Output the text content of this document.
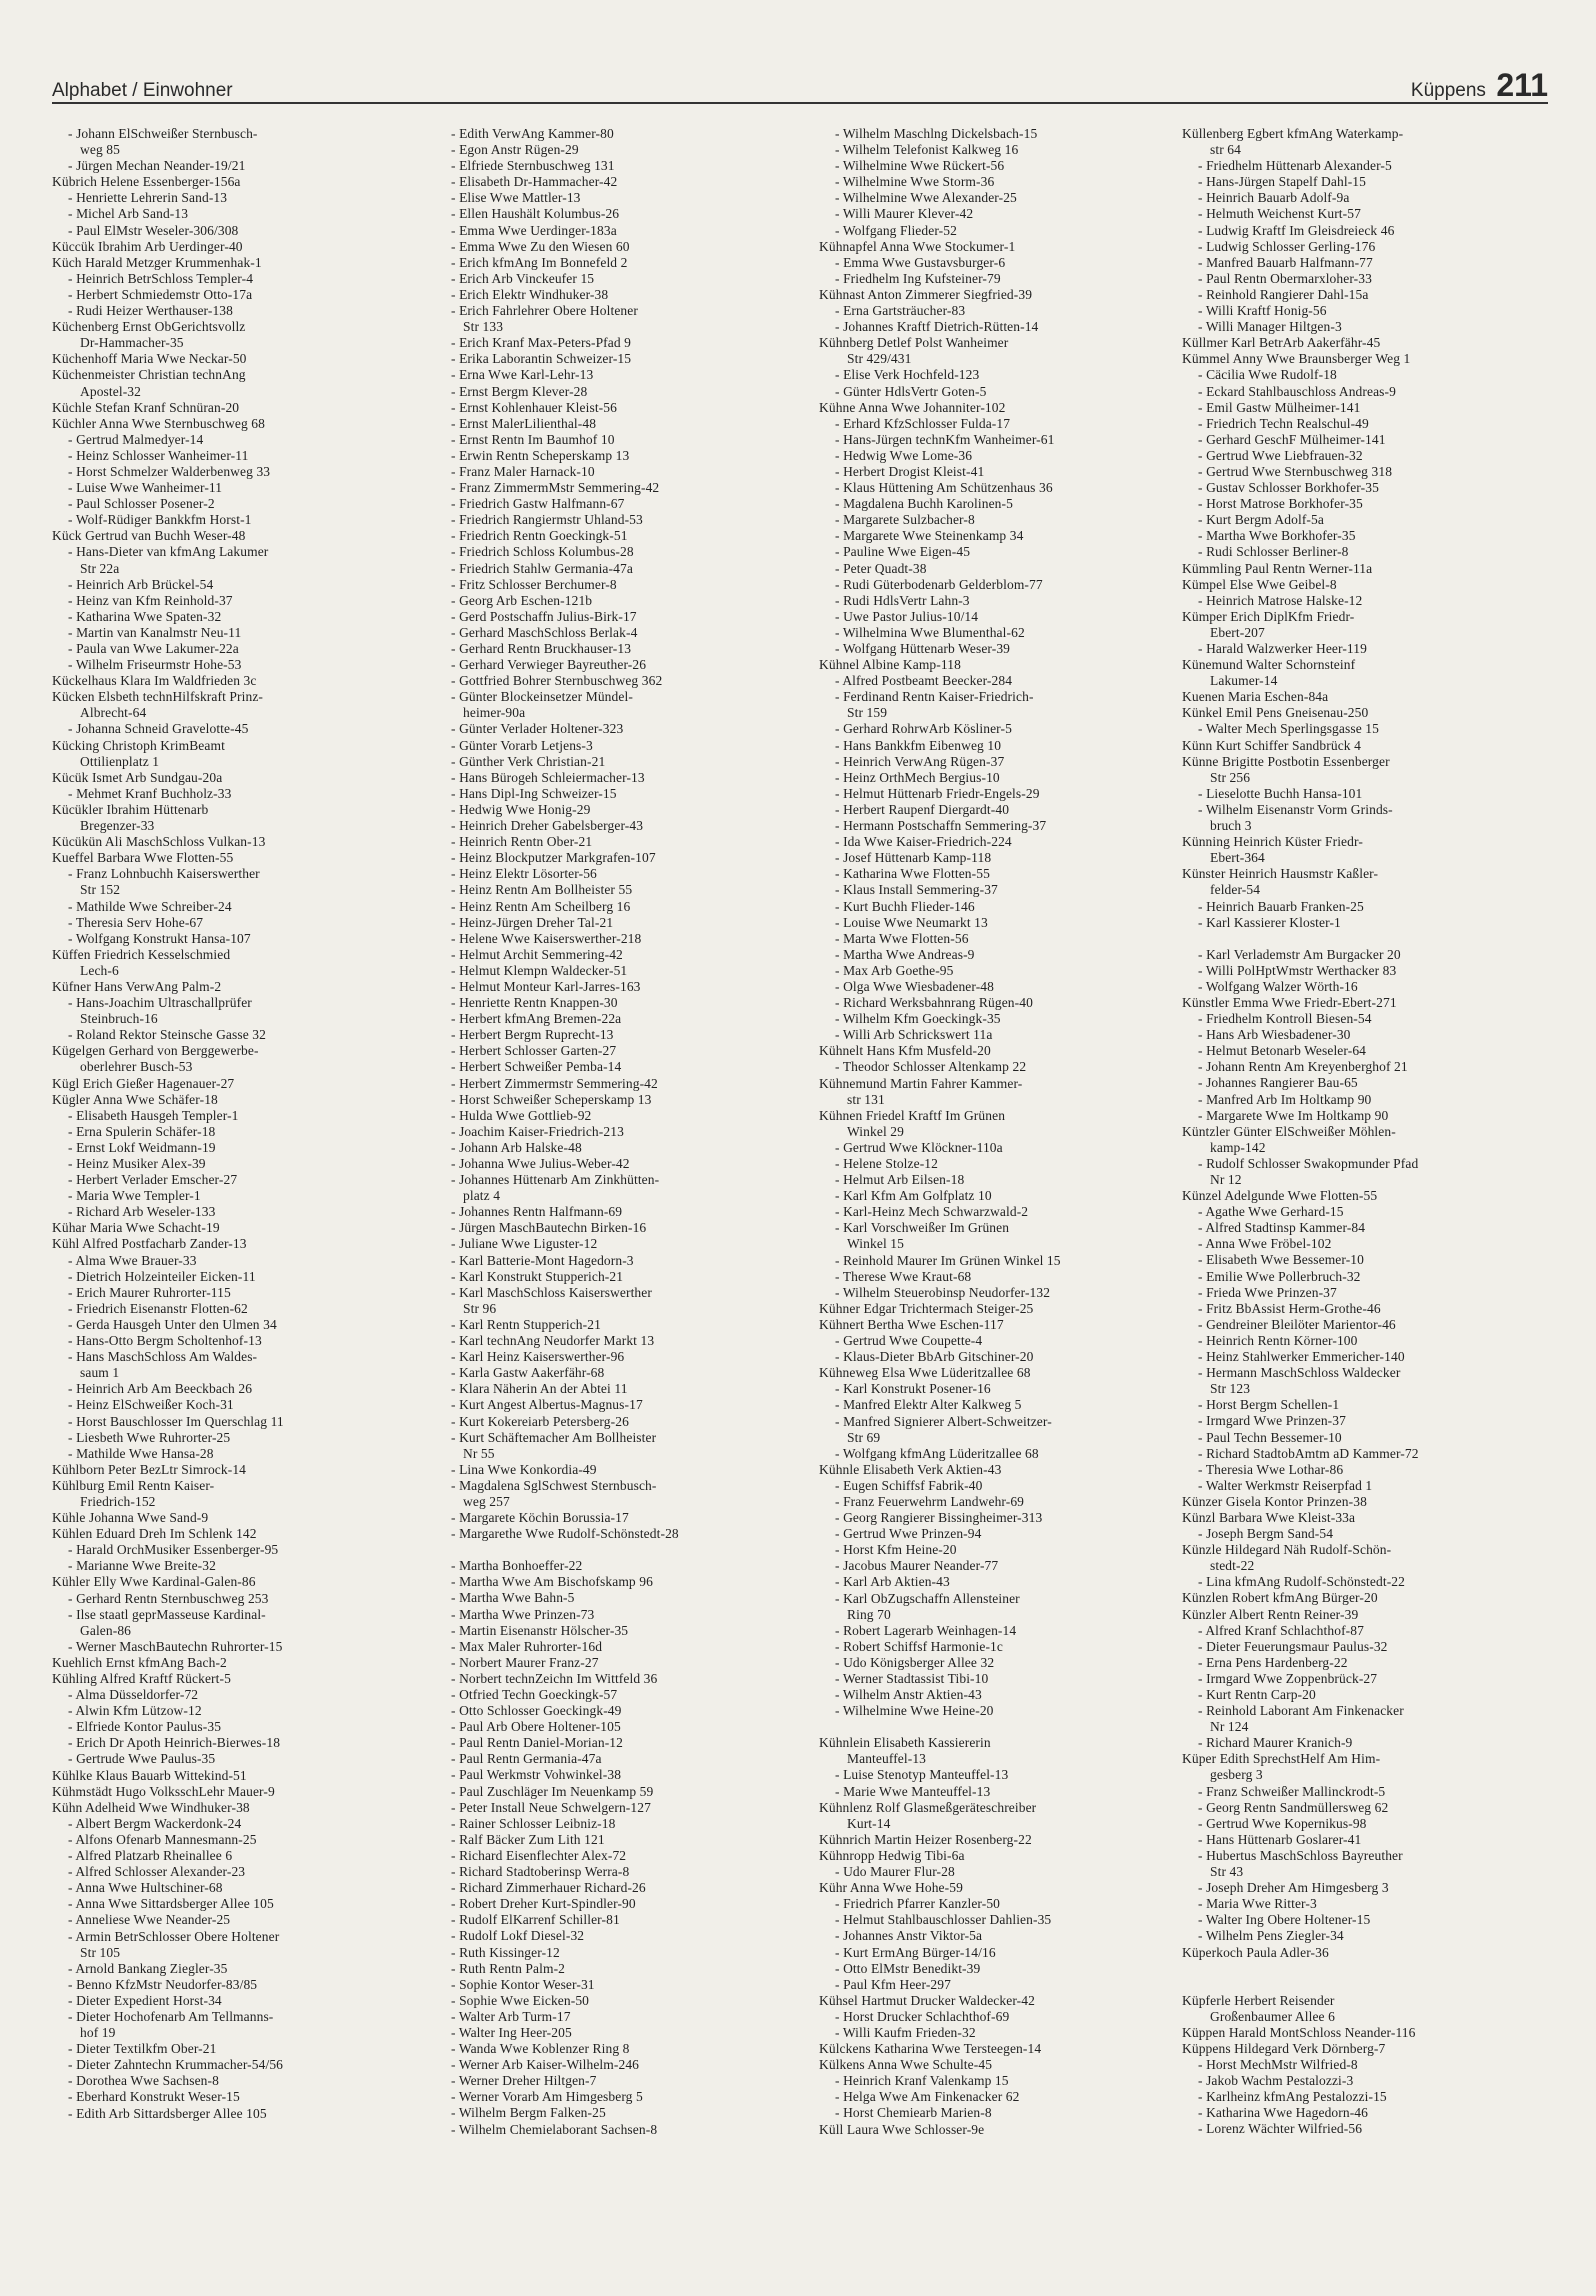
Alphabet / Einwohner	Küppens 211
- Johann ElSchweißer Sternbusch-
weg 85
- Jürgen Mechan Neander-19/21
Kübrich Helene Essenberger-156a
- Henriette Lehrerin Sand-13
- Michel Arb Sand-13
- Paul ElMstr Weseler-306/308
Küccük Ibrahim Arb Uerdinger-40
Küch Harald Metzger Krummenhak-1
- Heinrich BetrSchloss Templer-4
- Herbert Schmiedemstr Otto-17a
- Rudi Heizer Werthauser-138
Küchenberg Ernst ObGerichtsvollz
Dr-Hammacher-35
Küchenhoff Maria Wwe Neckar-50
Küchenmeister Christian technAng
Apostel-32
Küchle Stefan Kranf Schnüran-20
Küchler Anna Wwe Sternbuschweg 68
- Gertrud Malmedyer-14
- Heinz Schlosser Wanheimer-11
- Horst Schmelzer Walderbenweg 33
- Luise Wwe Wanheimer-11
- Paul Schlosser Posener-2
- Wolf-Rüdiger Bankkfm Horst-1
Kück Gertrud van Buchh Weser-48
- Hans-Dieter van kfmAng Lakumer
Str 22a
- Heinrich Arb Brückel-54
- Heinz van Kfm Reinhold-37
- Katharina Wwe Spaten-32
- Martin van Kanalmstr Neu-11
- Paula van Wwe Lakumer-22a
- Wilhelm Friseurmstr Hohe-53
Kückelhaus Klara Im Waldfrieden 3c
Kücken Elsbeth technHilfskraft Prinz-
Albrecht-64
- Johanna Schneid Gravelotte-45
Kücking Christoph KrimBeamt
Ottilienplatz 1
Kücük Ismet Arb Sundgau-20a
- Mehmet Kranf Buchholz-33
Kücükler Ibrahim Hüttenarb
Bregenzer-33
Kücükün Ali MaschSchloss Vulkan-13
Kueffel Barbara Wwe Flotten-55
- Franz Lohnbuchh Kaiserswerther
Str 152
- Mathilde Wwe Schreiber-24
- Theresia Serv Hohe-67
- Wolfgang Konstrukt Hansa-107
Küffen Friedrich Kesselschmied
Lech-6
Küfner Hans VerwAng Palm-2
- Hans-Joachim Ultraschallprüfer
Steinbruch-16
- Roland Rektor Steinsche Gasse 32
Kügelgen Gerhard von Berggewerbe-
oberlehrer Busch-53
Kügl Erich Gießer Hagenauer-27
Kügler Anna Wwe Schäfer-18
- Elisabeth Hausgeh Templer-1
- Erna Spulerin Schäfer-18
- Ernst Lokf Weidmann-19
- Heinz Musiker Alex-39
- Herbert Verlader Emscher-27
- Maria Wwe Templer-1
- Richard Arb Weseler-133
Kühar Maria Wwe Schacht-19
Kühl Alfred Postfacharb Zander-13
- Alma Wwe Brauer-33
- Dietrich Holzeinteiler Eicken-11
- Erich Maurer Ruhrorter-115
- Friedrich Eisenanstr Flotten-62
- Gerda Hausgeh Unter den Ulmen 34
- Hans-Otto Bergm Scholtenhof-13
- Hans MaschSchloss Am Waldes-
saum 1
- Heinrich Arb Am Beeckbach 26
- Heinz ElSchweißer Koch-31
- Horst Bauschlosser Im Querschlag 11
- Liesbeth Wwe Ruhrorter-25
- Mathilde Wwe Hansa-28
Kühlborn Peter BezLtr Simrock-14
Kühlburg Emil Rentn Kaiser-
Friedrich-152
Kühle Johanna Wwe Sand-9
Kühlen Eduard Dreh Im Schlenk 142
- Harald OrchMusiker Essenberger-95
- Marianne Wwe Breite-32
Kühler Elly Wwe Kardinal-Galen-86
- Gerhard Rentn Sternbuschweg 253
- Ilse staatl geprMasseuse Kardinal-
Galen-86
- Werner MaschBautechn Ruhrorter-15
Kuehlich Ernst kfmAng Bach-2
Kühling Alfred Kraftf Rückert-5
- Alma Düsseldorfer-72
- Alwin Kfm Lützow-12
- Elfriede Kontor Paulus-35
- Erich Dr Apoth Heinrich-Bierwes-18
- Gertrude Wwe Paulus-35
Kühlke Klaus Bauarb Wittekind-51
Kühmstädt Hugo VolksschLehr Mauer-9
Kühn Adelheid Wwe Windhuker-38
- Albert Bergm Wackerdonk-24
- Alfons Ofenarb Mannesmann-25
- Alfred Platzarb Rheinallee 6
- Alfred Schlosser Alexander-23
- Anna Wwe Hultschiner-68
- Anna Wwe Sittardsberger Allee 105
- Anneliese Wwe Neander-25
- Armin BetrSchlosser Obere Holtener
Str 105
- Arnold Bankang Ziegler-35
- Benno KfzMstr Neudorfer-83/85
- Dieter Expedient Horst-34
- Dieter Hochofenarb Am Tellmanns-
hof 19
- Dieter Textilkfm Ober-21
- Dieter Zahntechn Krummacher-54/56
- Dorothea Wwe Sachsen-8
- Eberhard Konstrukt Weser-15
- Edith Arb Sittardsberger Allee 105
- Edith VerwAng Kammer-80
- Egon Anstr Rügen-29
- Elfriede Sternbuschweg 131
- Elisabeth Dr-Hammacher-42
- Elise Wwe Mattler-13
- Ellen Haushält Kolumbus-26
- Emma Wwe Uerdinger-183a
- Emma Wwe Zu den Wiesen 60
- Erich kfmAng Im Bonnefeld 2
- Erich Arb Vinckeufer 15
- Erich Elektr Windhuker-38
- Erich Fahrlehrer Obere Holtener
Str 133
- Erich Kranf Max-Peters-Pfad 9
- Erika Laborantin Schweizer-15
- Erna Wwe Karl-Lehr-13
- Ernst Bergm Klever-28
- Ernst Kohlenhauer Kleist-56
- Ernst MalerLilienthal-48
- Ernst Rentn Im Baumhof 10
- Erwin Rentn Scheperskamp 13
- Franz Maler Harnack-10
- Franz ZimmermMstr Semmering-42
- Friedrich Gastw Halfmann-67
- Friedrich Rangiermstr Uhland-53
- Friedrich Rentn Goeckingk-51
- Friedrich Schloss Kolumbus-28
- Friedrich Stahlw Germania-47a
- Fritz Schlosser Berchumer-8
- Georg Arb Eschen-121b
- Gerd Postschaffn Julius-Birk-17
- Gerhard MaschSchloss Berlak-4
- Gerhard Rentn Bruckhauser-13
- Gerhard Verwieger Bayreuther-26
- Gottfried Bohrer Sternbuschweg 362
- Günter Blockeinsetzer Mündel-
heimer-90a
- Günter Verlader Holtener-323
- Günter Vorarb Letjens-3
- Günther Verk Christian-21
- Hans Bürogeh Schleiermacher-13
- Hans Dipl-Ing Schweizer-15
- Hedwig Wwe Honig-29
- Heinrich Dreher Gabelsberger-43
- Heinrich Rentn Ober-21
- Heinz Blockputzer Markgrafen-107
- Heinz Elektr Lösorter-56
- Heinz Rentn Am Bollheister 55
- Heinz Rentn Am Scheilberg 16
- Heinz-Jürgen Dreher Tal-21
- Helene Wwe Kaiserswerther-218
- Helmut Archit Semmering-42
- Helmut Klempn Waldecker-51
- Helmut Monteur Karl-Jarres-163
- Henriette Rentn Knappen-30
- Herbert kfmAng Bremen-22a
- Herbert Bergm Ruprecht-13
- Herbert Schlosser Garten-27
- Herbert Schweißer Pemba-14
- Herbert Zimmermstr Semmering-42
- Horst Schweißer Scheperskamp 13
- Hulda Wwe Gottlieb-92
- Joachim Kaiser-Friedrich-213
- Johann Arb Halske-48
- Johanna Wwe Julius-Weber-42
- Johannes Hüttenarb Am Zinkhütten-
platz 4
- Johannes Rentn Halfmann-69
- Jürgen MaschBautechn Birken-16
- Juliane Wwe Liguster-12
- Karl Batterie-Mont Hagedorn-3
- Karl Konstrukt Stupperich-21
- Karl MaschSchloss Kaiserswerther
Str 96
- Karl Rentn Stupperich-21
- Karl technAng Neudorfer Markt 13
- Karl Heinz Kaiserswerther-96
- Karla Gastw Aakerfähr-68
- Klara Näherin An der Abtei 11
- Kurt Angest Albertus-Magnus-17
- Kurt Kokereiarb Petersberg-26
- Kurt Schäftemacher Am Bollheister
Nr 55
- Lina Wwe Konkordia-49
- Magdalena SglSchwest Sternbusch-
weg 257
- Margarete Köchin Borussia-17
- Margarethe Wwe Rudolf-Schönstedt-28
- Martha Bonhoeffer-22
- Martha Wwe Am Bischofskamp 96
- Martha Wwe Bahn-5
- Martha Wwe Prinzen-73
- Martin Eisenanstr Hölscher-35
- Max Maler Ruhrorter-16d
- Norbert Maurer Franz-27
- Norbert technZeichn Im Wittfeld 36
- Otfried Techn Goeckingk-57
- Otto Schlosser Goeckingk-49
- Paul Arb Obere Holtener-105
- Paul Rentn Daniel-Morian-12
- Paul Rentn Germania-47a
- Paul Werkmstr Vohwinkel-38
- Paul Zuschläger Im Neuenkamp 59
- Peter Install Neue Schwelgern-127
- Rainer Schlosser Leibniz-18
- Ralf Bäcker Zum Lith 121
- Richard Eisenflechter Alex-72
- Richard Stadtoberinsp Werra-8
- Richard Zimmerhauer Richard-26
- Robert Dreher Kurt-Spindler-90
- Rudolf ElKarrenf Schiller-81
- Rudolf Lokf Diesel-32
- Ruth Kissinger-12
- Ruth Rentn Palm-2
- Sophie Kontor Weser-31
- Sophie Wwe Eicken-50
- Walter Arb Turm-17
- Walter Ing Heer-205
- Wanda Wwe Koblenzer Ring 8
- Werner Arb Kaiser-Wilhelm-246
- Werner Dreher Hiltgen-7
- Werner Vorarb Am Himgesberg 5
- Wilhelm Bergm Falken-25
- Wilhelm Chemielaborant Sachsen-8
- Wilhelm Maschlng Dickelsbach-15
- Wilhelm Telefonist Kalkweg 16
- Wilhelmine Wwe Rückert-56
- Wilhelmine Wwe Storm-36
- Wilhelmine Wwe Alexander-25
- Willi Maurer Klever-42
- Wolfgang Flieder-52
Kühnapfel Anna Wwe Stockumer-1
- Emma Wwe Gustavsburger-6
- Friedhelm Ing Kufsteiner-79
Kühnast Anton Zimmerer Siegfried-39
- Erna Gartsträucher-83
- Johannes Kraftf Dietrich-Rütten-14
Kühnberg Detlef Polst Wanheimer
Str 429/431
- Elise Verk Hochfeld-123
- Günter HdlsVertr Goten-5
Kühne Anna Wwe Johanniter-102
- Erhard KfzSchlosser Fulda-17
- Hans-Jürgen technKfm Wanheimer-61
- Hedwig Wwe Lome-36
- Herbert Drogist Kleist-41
- Klaus Hüttening Am Schützenhaus 36
- Magdalena Buchh Karolinen-5
- Margarete Sulzbacher-8
- Margarete Wwe Steinenkamp 34
- Pauline Wwe Eigen-45
- Peter Quadt-38
- Rudi Güterbodenarb Gelderblom-77
- Rudi HdlsVertr Lahn-3
- Uwe Pastor Julius-10/14
- Wilhelmina Wwe Blumenthal-62
- Wolfgang Hüttenarb Weser-39
Kühnel Albine Kamp-118
- Alfred Postbeamt Beecker-284
- Ferdinand Rentn Kaiser-Friedrich-
Str 159
- Gerhard RohrwArb Kösliner-5
- Hans Bankkfm Eibenweg 10
- Heinrich VerwAng Rügen-37
- Heinz OrthMech Bergius-10
- Helmut Hüttenarb Friedr-Engels-29
- Herbert Raupenf Diergardt-40
- Hermann Postschaffn Semmering-37
- Ida Wwe Kaiser-Friedrich-224
- Josef Hüttenarb Kamp-118
- Katharina Wwe Flotten-55
- Klaus Install Semmering-37
- Kurt Buchh Flieder-146
- Louise Wwe Neumarkt 13
- Marta Wwe Flotten-56
- Martha Wwe Andreas-9
- Max Arb Goethe-95
- Olga Wwe Wiesbadener-48
- Richard Werksbahnrang Rügen-40
- Wilhelm Kfm Goeckingk-35
- Willi Arb Schrickswert 11a
Kühnelt Hans Kfm Musfeld-20
- Theodor Schlosser Altenkamp 22
Kühnemund Martin Fahrer Kammer-
str 131
Kühnen Friedel Kraftf Im Grünen
Winkel 29
- Gertrud Wwe Klöckner-110a
- Helene Stolze-12
- Helmut Arb Eilsen-18
- Karl Kfm Am Golfplatz 10
- Karl-Heinz Mech Schwarzwald-2
- Karl Vorschweißer Im Grünen
Winkel 15
- Reinhold Maurer Im Grünen Winkel 15
- Therese Wwe Kraut-68
- Wilhelm Steuerobinsp Neudorfer-132
Kühner Edgar Trichtermach Steiger-25
Kühnert Bertha Wwe Eschen-117
- Gertrud Wwe Coupette-4
- Klaus-Dieter BbArb Gitschiner-20
Kühneweg Elsa Wwe Lüderitzallee 68
- Karl Konstrukt Posener-16
- Manfred Elektr Alter Kalkweg 5
- Manfred Signierer Albert-Schweitzer-
Str 69
- Wolfgang kfmAng Lüderitzallee 68
Kühnle Elisabeth Verk Aktien-43
- Eugen Schiffsf Fabrik-40
- Franz Feuerwehrm Landwehr-69
- Georg Rangierer Bissingheimer-313
- Gertrud Wwe Prinzen-94
- Horst Kfm Heine-20
- Jacobus Maurer Neander-77
- Karl Arb Aktien-43
- Karl ObZugschaffn Allensteiner
Ring 70
- Robert Lagerarb Weinhagen-14
- Robert Schiffsf Harmonie-1c
- Udo Königsberger Allee 32
- Werner Stadtassist Tibi-10
- Wilhelm Anstr Aktien-43
- Wilhelmine Wwe Heine-20
Kühnlein Elisabeth Kassiererin
Manteuffel-13
- Luise Stenotyp Manteuffel-13
- Marie Wwe Manteuffel-13
Kühnlenz Rolf Glasmeßgeräteschreiber
Kurt-14
Kühnrich Martin Heizer Rosenberg-22
Kühnropp Hedwig Tibi-6a
- Udo Maurer Flur-28
Kühr Anna Wwe Hohe-59
- Friedrich Pfarrer Kanzler-50
- Helmut Stahlbauschlosser Dahlien-35
- Johannes Anstr Viktor-5a
- Kurt ErmAng Bürger-14/16
- Otto ElMstr Benedikt-39
- Paul Kfm Heer-297
Kühsel Hartmut Drucker Waldecker-42
- Horst Drucker Schlachthof-69
- Willi Kaufm Frieden-32
Külckens Katharina Wwe Tersteegen-14
Külkens Anna Wwe Schulte-45
- Heinrich Kranf Valenkamp 15
- Helga Wwe Am Finkenacker 62
- Horst Chemiearb Marien-8
Küll Laura Wwe Schlosser-9e
Küllenberg Egbert kfmAng Waterkamp-
str 64
- Friedhelm Hüttenarb Alexander-5
- Hans-Jürgen Stapelf Dahl-15
- Heinrich Bauarb Adolf-9a
- Helmuth Weichenst Kurt-57
- Ludwig Kraftf Im Gleisdreieck 46
- Ludwig Schlosser Gerling-176
- Manfred Bauarb Halfmann-77
- Paul Rentn Obermarxloher-33
- Reinhold Rangierer Dahl-15a
- Willi Kraftf Honig-56
- Willi Manager Hiltgen-3
Küllmer Karl BetrArb Aakerfähr-45
Kümmel Anny Wwe Braunsberger Weg 1
- Cäcilia Wwe Rudolf-18
- Eckard Stahlbauschloss Andreas-9
- Emil Gastw Mülheimer-141
- Friedrich Techn Realschul-49
- Gerhard GeschF Mülheimer-141
- Gertrud Wwe Liebfrauen-32
- Gertrud Wwe Sternbuschweg 318
- Gustav Schlosser Borkhofer-35
- Horst Matrose Borkhofer-35
- Kurt Bergm Adolf-5a
- Martha Wwe Borkhofer-35
- Rudi Schlosser Berliner-8
Kümmling Paul Rentn Werner-11a
Kümpel Else Wwe Geibel-8
- Heinrich Matrose Halske-12
Kümper Erich DiplKfm Friedr-
Ebert-207
- Harald Walzwerker Heer-119
Künemund Walter Schornsteinf
Lakumer-14
Kuenen Maria Eschen-84a
Künkel Emil Pens Gneisenau-250
- Walter Mech Sperlingsgasse 15
Künn Kurt Schiffer Sandbrück 4
Künne Brigitte Postbotin Essenberger
Str 256
- Lieselotte Buchh Hansa-101
- Wilhelm Eisenanstr Vorm Grinds-
bruch 3
Künning Heinrich Küster Friedr-
Ebert-364
Künster Heinrich Hausmstr Kaßler-
felder-54
- Heinrich Bauarb Franken-25
- Karl Kassierer Kloster-1
- Karl Verlademstr Am Burgacker 20
- Willi PolHptWmstr Werthacker 83
- Wolfgang Walzer Wörth-16
Künstler Emma Wwe Friedr-Ebert-271
- Friedhelm Kontroll Biesen-54
- Hans Arb Wiesbadener-30
- Helmut Betonarb Weseler-64
- Johann Rentn Am Kreyenberghof 21
- Johannes Rangierer Bau-65
- Manfred Arb Im Holtkamp 90
- Margarete Wwe Im Holtkamp 90
Küntzler Günter ElSchweißer Möhlen-
kamp-142
- Rudolf Schlosser Swakopmunder Pfad
Nr 12
Künzel Adelgunde Wwe Flotten-55
- Agathe Wwe Gerhard-15
- Alfred Stadtinsp Kammer-84
- Anna Wwe Fröbel-102
- Elisabeth Wwe Bessemer-10
- Emilie Wwe Pollerbruch-32
- Frieda Wwe Prinzen-37
- Fritz BbAssist Herm-Grothe-46
- Gendreiner Bleilöter Marientor-46
- Heinrich Rentn Körner-100
- Heinz Stahlwerker Emmericher-140
- Hermann MaschSchloss Waldecker
Str 123
- Horst Bergm Schellen-1
- Irmgard Wwe Prinzen-37
- Paul Techn Bessemer-10
- Richard StadtobAmtm aD Kammer-72
- Theresia Wwe Lothar-86
- Walter Werkmstr Reiserpfad 1
Künzer Gisela Kontor Prinzen-38
Künzl Barbara Wwe Kleist-33a
- Joseph Bergm Sand-54
Künzle Hildegard Näh Rudolf-Schön-
stedt-22
- Lina kfmAng Rudolf-Schönstedt-22
Künzlen Robert kfmAng Bürger-20
Künzler Albert Rentn Reiner-39
- Alfred Kranf Schlachthof-87
- Dieter Feuerungsmaur Paulus-32
- Erna Pens Hardenberg-22
- Irmgard Wwe Zoppenbrück-27
- Kurt Rentn Carp-20
- Reinhold Laborant Am Finkenacker
Nr 124
- Richard Maurer Kranich-9
Küper Edith SprechstHelf Am Him-
gesberg 3
- Franz Schweißer Mallinckrodt-5
- Georg Rentn Sandmüllersweg 62
- Gertrud Wwe Kopernikus-98
- Hans Hüttenarb Goslarer-41
- Hubertus MaschSchloss Bayreuther
Str 43
- Joseph Dreher Am Himgesberg 3
- Maria Wwe Ritter-3
- Walter Ing Obere Holtener-15
- Wilhelm Pens Ziegler-34
Küperkoch Paula Adler-36
Küpferle Herbert Reisender
Großenbaumer Allee 6
Küppen Harald MontSchloss Neander-116
Küppens Hildegard Verk Dörnberg-7
- Horst MechMstr Wilfried-8
- Jakob Wachm Pestalozzi-3
- Karlheinz kfmAng Pestalozzi-15
- Katharina Wwe Hagedorn-46
- Lorenz Wächter Wilfried-56
